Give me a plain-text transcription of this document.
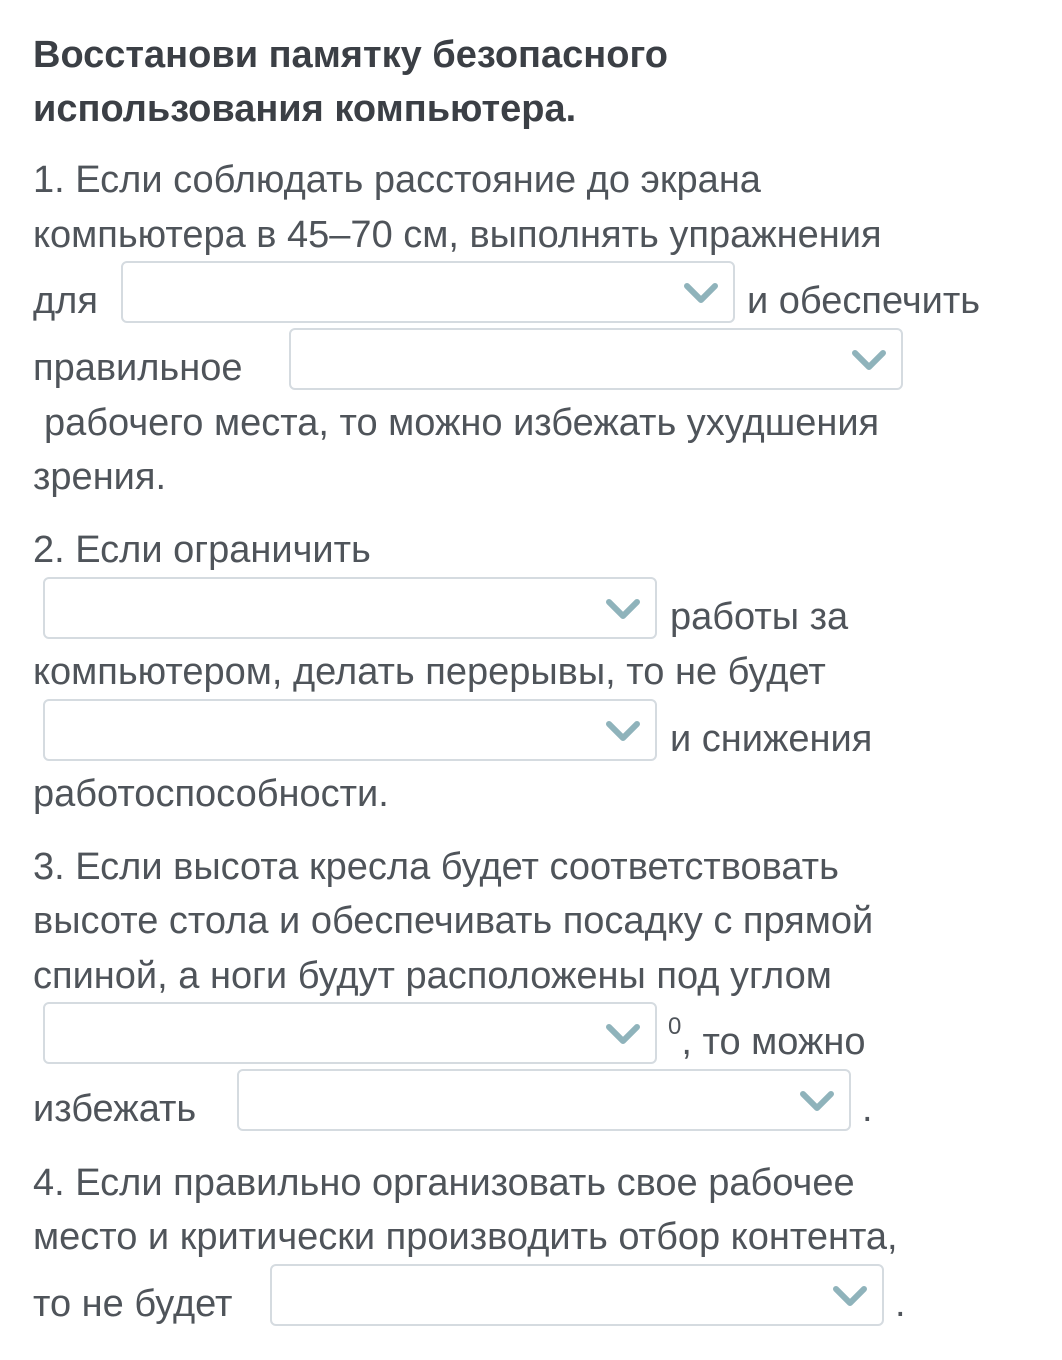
Восстанови памятку безопасного
использования компьютера.
1. Если соблюдать расстояние до экрана
компьютера в 45–70 см, выполнять упражнения
для	и обеспечить
правильное
рабочего места, то можно избежать ухудшения
зрения.
2. Если ограничить
работы за
компьютером, делать перерывы, то не будет
и снижения
работоспособности.
3. Если высота кресла будет соответствовать
высоте стола и обеспечивать посадку с прямой
спиной, а ноги будут расположены под углом
$^0$, то можно
избежать	.
4. Если правильно организовать свое рабочее
место и критически производить отбор контента,
то не будет	.
